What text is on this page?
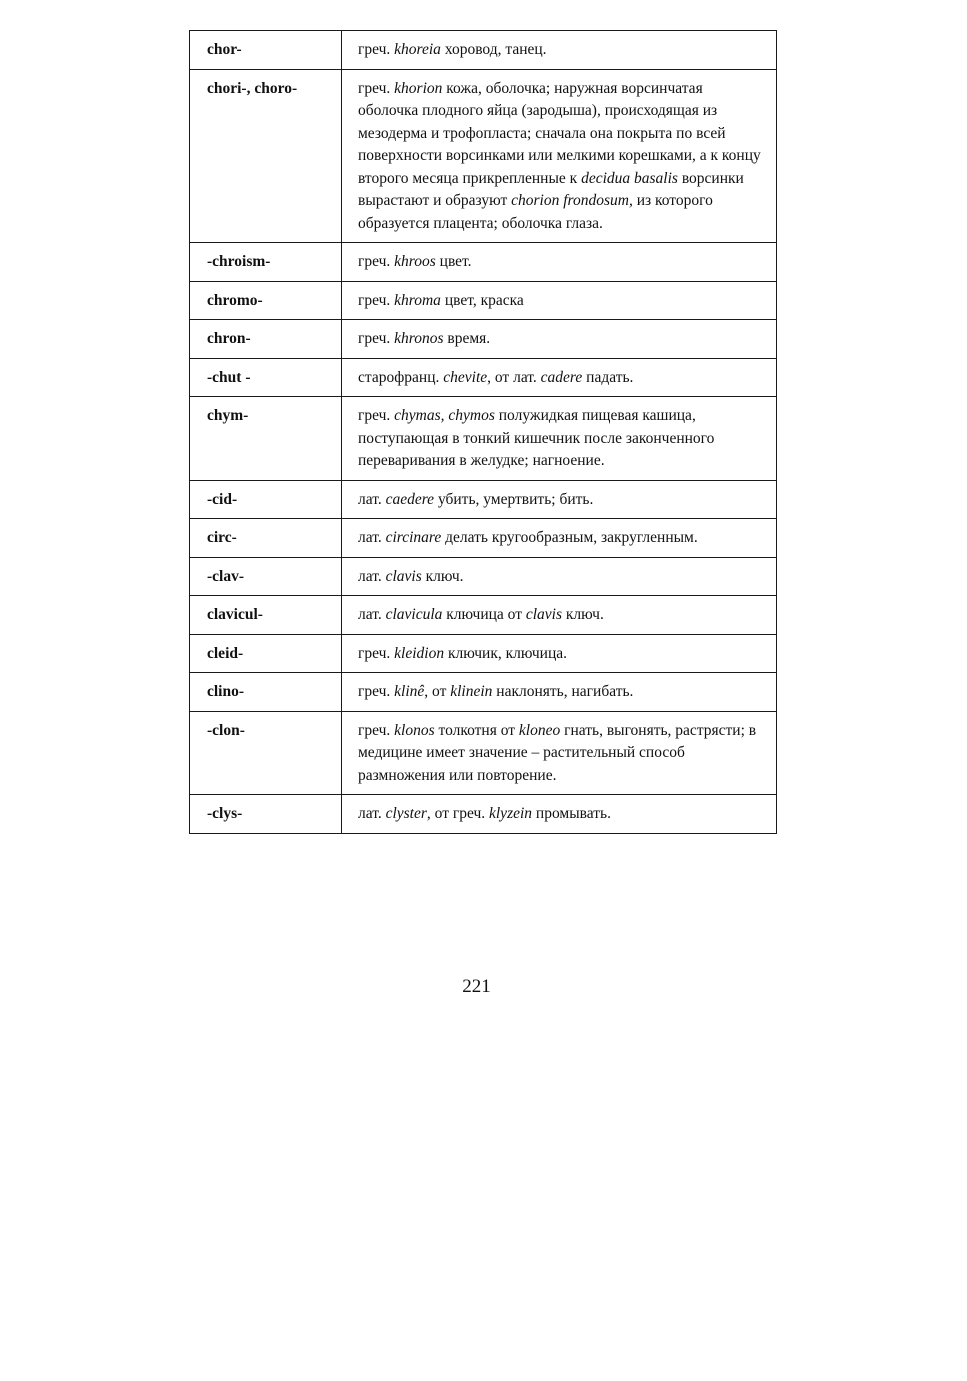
chor-	греч. khoreia хоровод, танец.
chori-, choro-	греч. khorion кожа, оболочка; наружная ворсинчатая оболочка плодного яйца (зародыша), происходящая из мезодерма и трофопласта; сначала она покрыта по всей поверхности ворсинками или мелкими корешками, а к концу второго месяца прикрепленные к decidua basalis ворсинки вырастают и образуют chorion frondosum, из которого образуется плацента; оболочка глаза.
-chroism-	греч. khroos цвет.
chromo-	греч. khroma цвет, краска
chron-	греч. khronos время.
-chut -	старофранц. chevite, от лат. cadere падать.
chym-	греч. chymas, chymos полужидкая пищевая кашица, поступающая в тонкий кишечник после законченного переваривания в желудке; нагноение.
-cid-	лат. caedere убить, умертвить; бить.
circ-	лат. circinare делать кругообразным, закругленным.
-clav-	лат. clavis ключ.
clavicul-	лат. clavicula ключица от clavis ключ.
cleid-	греч. kleidion ключик, ключица.
clino-	греч. klinê, от klinein наклонять, нагибать.
-clon-	греч. klonos толкотня от kloneo гнать, выгонять, растрясти; в медицине имеет значение – растительный способ размножения или повторение.
-clys-	лат. clyster, от греч. klyzein промывать.
221
